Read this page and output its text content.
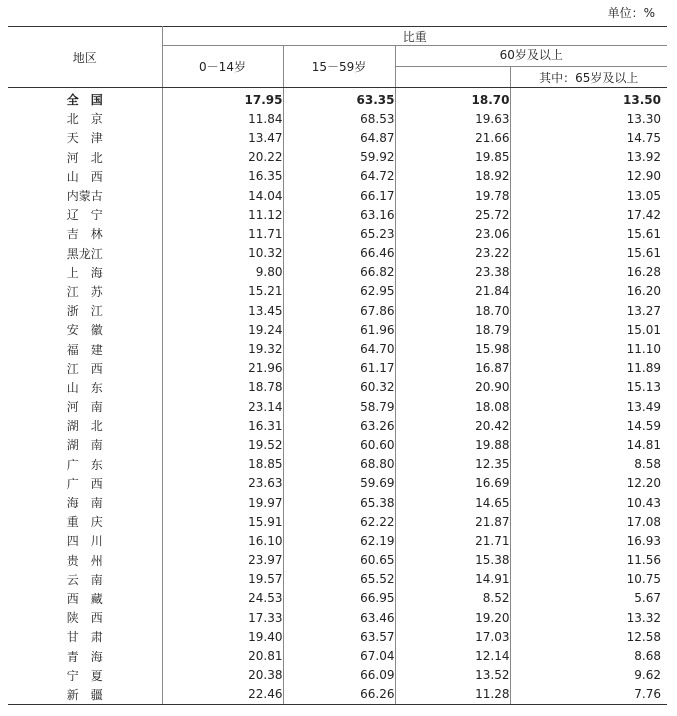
单位：%
地区	比重			
	0－14岁	15－59岁	60岁及以上	
				其中：65岁及以上
全　国	17.95	63.35	18.70	13.50
北　京	11.84	68.53	19.63	13.30
天　津	13.47	64.87	21.66	14.75
河　北	20.22	59.92	19.85	13.92
山　西	16.35	64.72	18.92	12.90
内蒙古	14.04	66.17	19.78	13.05
辽　宁	11.12	63.16	25.72	17.42
吉　林	11.71	65.23	23.06	15.61
黑龙江	10.32	66.46	23.22	15.61
上　海	9.80	66.82	23.38	16.28
江　苏	15.21	62.95	21.84	16.20
浙　江	13.45	67.86	18.70	13.27
安　徽	19.24	61.96	18.79	15.01
福　建	19.32	64.70	15.98	11.10
江　西	21.96	61.17	16.87	11.89
山　东	18.78	60.32	20.90	15.13
河　南	23.14	58.79	18.08	13.49
湖　北	16.31	63.26	20.42	14.59
湖　南	19.52	60.60	19.88	14.81
广　东	18.85	68.80	12.35	8.58
广　西	23.63	59.69	16.69	12.20
海　南	19.97	65.38	14.65	10.43
重　庆	15.91	62.22	21.87	17.08
四　川	16.10	62.19	21.71	16.93
贵　州	23.97	60.65	15.38	11.56
云　南	19.57	65.52	14.91	10.75
西　藏	24.53	66.95	8.52	5.67
陕　西	17.33	63.46	19.20	13.32
甘　肃	19.40	63.57	17.03	12.58
青　海	20.81	67.04	12.14	8.68
宁　夏	20.38	66.09	13.52	9.62
新　疆	22.46	66.26	11.28	7.76
